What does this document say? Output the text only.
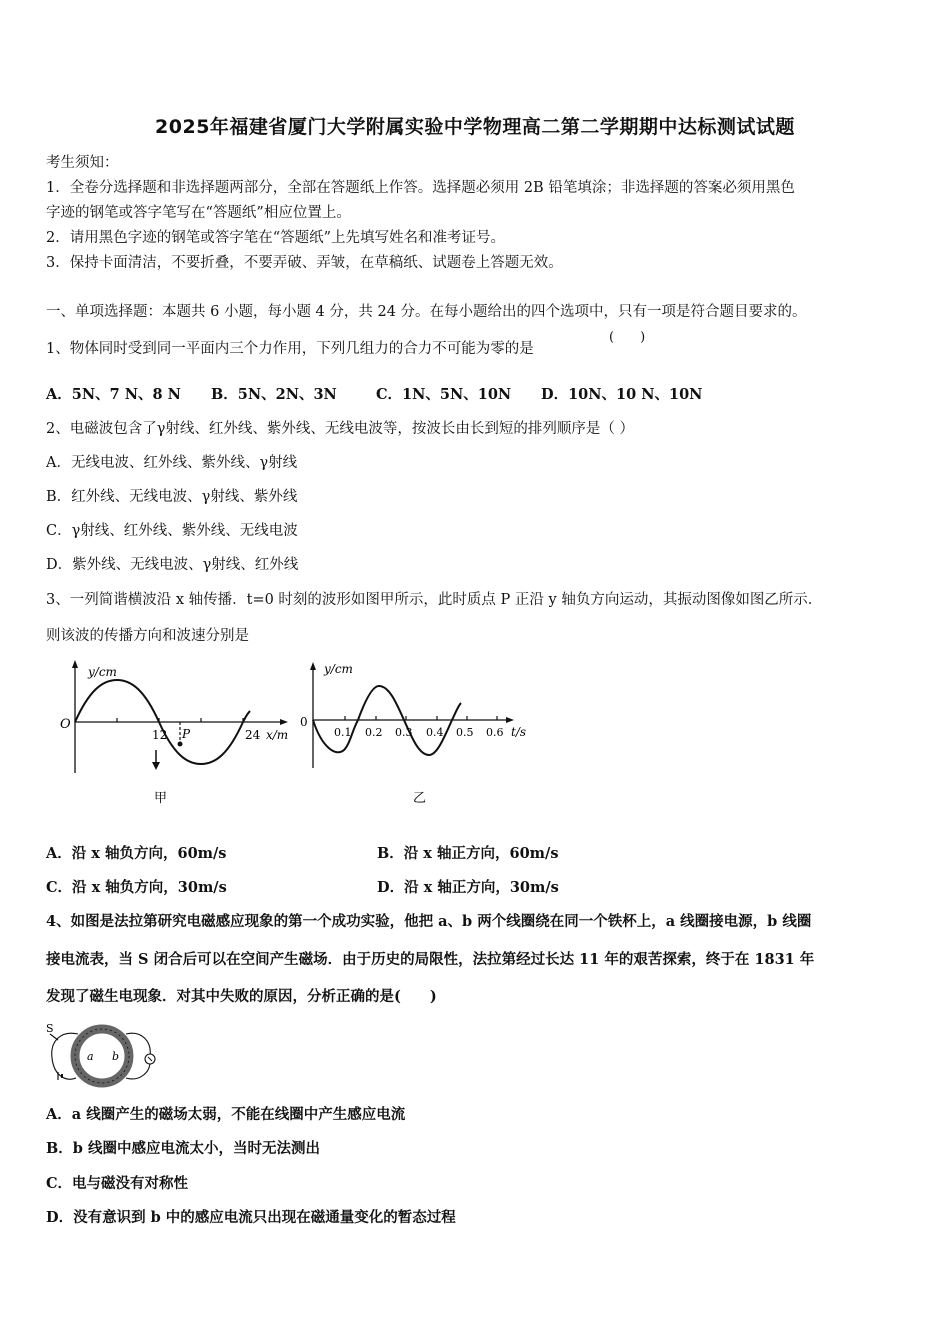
2025年福建省厦门大学附属实验中学物理高二第二学期期中达标测试试题
考生须知：
1．全卷分选择题和非选择题两部分，全部在答题纸上作答。选择题必须用 2B 铅笔填涂；非选择题的答案必须用黑色
字迹的钢笔或答字笔写在“答题纸”相应位置上。
2．请用黑色字迹的钢笔或答字笔在“答题纸”上先填写姓名和准考证号。
3．保持卡面清洁，不要折叠，不要弄破、弄皱，在草稿纸、试题卷上答题无效。
一、单项选择题：本题共 6 小题，每小题 4 分，共 24 分。在每小题给出的四个选项中，只有一项是符合题目要求的。
1、物体同时受到同一平面内三个力作用，下列几组力的合力不可能为零的是
(　　)
A．5N、7 N、8 N B．5N、2N、3N	C．1N、5N、10N D．10N、10 N、10N
2、电磁波包含了γ射线、红外线、紫外线、无线电波等，按波长由长到短的排列顺序是（ ）
A．无线电波、红外线、紫外线、γ射线
B．红外线、无线电波、γ射线、紫外线
C．γ射线、红外线、紫外线、无线电波
D．紫外线、无线电波、γ射线、红外线
3、一列简谐横波沿 x 轴传播．t=0 时刻的波形如图甲所示，此时质点 P 正沿 y 轴负方向运动，其振动图像如图乙所示．
则该波的传播方向和波速分别是
y/cm
O
12	24 x/m
P
甲
y/cm
0
0.1 0.2 0.3 0.4 0.5 0.6 t/s
乙
A．沿 x 轴负方向，60m/s	B．沿 x 轴正方向，60m/s
C．沿 x 轴负方向，30m/s	D．沿 x 轴正方向，30m/s
4、如图是法拉第研究电磁感应现象的第一个成功实验，他把 a、b 两个线圈绕在同一个铁杯上，a 线圈接电源，b 线圈
接电流表，当 S 闭合后可以在空间产生磁场．由于历史的局限性，法拉第经过长达 11 年的艰苦探索，终于在 1831 年
发现了磁生电现象．对其中失败的原因，分析正确的是(　　)
S
a b
A．a 线圈产生的磁场太弱，不能在线圈中产生感应电流
B．b 线圈中感应电流太小，当时无法测出
C．电与磁没有对称性
D．没有意识到 b 中的感应电流只出现在磁通量变化的暂态过程
